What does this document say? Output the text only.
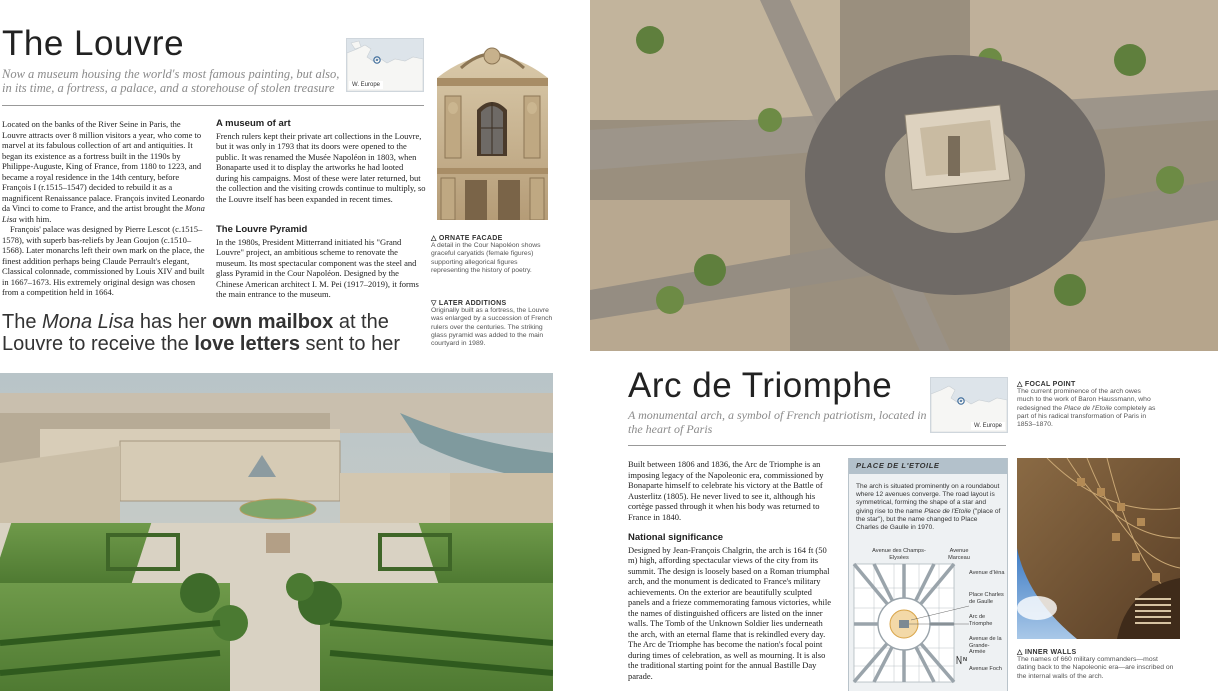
The Louvre
Now a museum housing the world's most famous painting, but also, in its time, a fortress, a palace, and a storehouse of stolen treasure	W. Europe

Located on the banks of the River Seine in Paris, the Louvre attracts over 8 million visitors a year, who come to marvel at its fabulous collection of art and antiquities. It began its existence as a fortress built in the 1190s by Philippe-Auguste, King of France, from 1180 to 1223, and became a royal residence in the 14th century, before François I (r.1515–1547) decided to rebuild it as a magnificent Renaissance palace. François invited Leonardo da Vinci to come to France, and the artist brought the Mona Lisa with him.

François' palace was designed by Pierre Lescot (c.1515–1578), with superb bas-reliefs by Jean Goujon (c.1510–1568). Later monarchs left their own mark on the place, the finest addition perhaps being Claude Perrault's elegant, Classical colonnade, commissioned by Louis XIV and built in 1667–1673. His extremely original design was chosen from a competition held in 1664.

A museum of art

French rulers kept their private art collections in the Louvre, but it was only in 1793 that its doors were opened to the public. It was renamed the Musée Napoléon in 1803, when Bonaparte used it to display the artworks he had looted during his campaigns. Most of these were later returned, but the collection and the visiting crowds continue to multiply, so the Louvre itself has been expanded in recent times.

The Louvre Pyramid

In the 1980s, President Mitterrand initiated his "Grand Louvre" project, an ambitious scheme to renovate the museum. Its most spectacular component was the steel and glass Pyramid in the Cour Napoléon. Designed by the Chinese American architect I. M. Pei (1917–2019), it forms the main entrance to the museum.

△ ORNATE FACADE
A detail in the Cour Napoléon shows graceful caryatids (female figures) supporting allegorical figures representing the history of poetry.
▽ LATER ADDITIONS
Originally built as a fortress, the Louvre was enlarged by a succession of French rulers over the centuries. The striking glass pyramid was added to the main courtyard in 1989.
The Mona Lisa has her own mailbox at the Louvre to receive the love letters sent to her
Arc de Triomphe
A monumental arch, a symbol of French patriotism, located in the heart of Paris	W. Europe
△ FOCAL POINT
The current prominence of the arch owes much to the work of Baron Haussmann, who redesigned the Place de l'Etoile completely as part of his radical transformation of Paris in 1853–1870.

Built between 1806 and 1836, the Arc de Triomphe is an imposing legacy of the Napoleonic era, commissioned by Bonaparte himself to celebrate his victory at the Battle of Austerlitz (1805). He never lived to see it, although his cortège passed through it when his body was returned to France in 1840.

National significance

Designed by Jean-François Chalgrin, the arch is 164 ft (50 m) high, affording spectacular views of the city from its summit. The design is loosely based on a Roman triumphal arch, and the monument is dedicated to France's military achievements. On the exterior are beautifully sculpted panels and a frieze commemorating famous victories, while the names of distinguished officers are listed on the inner walls. The Tomb of the Unknown Soldier lies underneath the arch, with an eternal flame that is rekindled every day. The Arc de Triomphe has become the nation's focal point during times of celebration, as well as mourning. It is also the traditional starting point for the annual Bastille Day parade.

PLACE DE L'ETOILE
The arch is situated prominently on a roundabout where 12 avenues converge. The road layout is symmetrical, forming the shape of a star and giving rise to the name Place de l'Etoile ("place of the star"), but the name changed to Place Charles de Gaulle in 1970.
Avenue des Champs-Elysées
Avenue Marceau
Avenue d'Iéna
Place Charles de Gaulle
Arc de Triomphe
Avenue de la Grande-Armée
N
Avenue Foch
△ INNER WALLS
The names of 660 military commanders—most dating back to the Napoleonic era—are inscribed on the internal walls of the arch.
